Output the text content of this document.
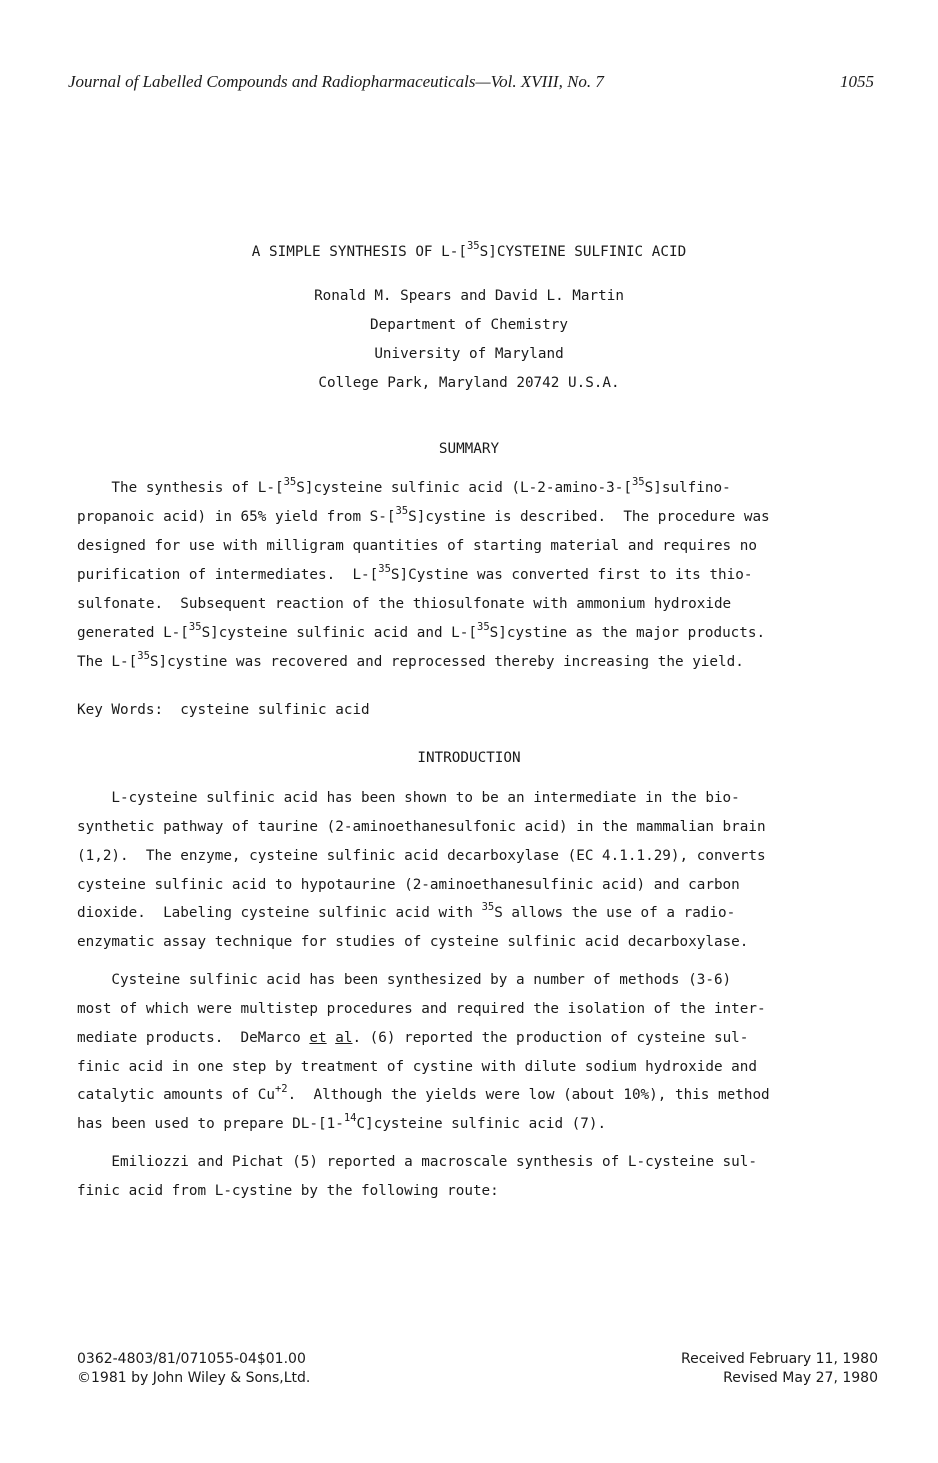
Journal of Labelled Compounds and Radiopharmaceuticals—Vol. XVIII, No. 7	1055
A SIMPLE SYNTHESIS OF L-[$^{35}$S]CYSTEINE SULFINIC ACID
Ronald M. Spears and David L. Martin
Department of Chemistry
University of Maryland
College Park, Maryland 20742 U.S.A.
SUMMARY
The synthesis of L-[$^{35}$S]cysteine sulfinic acid (L-2-amino-3-[$^{35}$S]sulfino-
propanoic acid) in 65% yield from S-[$^{35}$S]cystine is described.  The procedure was
designed for use with milligram quantities of starting material and requires no
purification of intermediates.  L-[$^{35}$S]Cystine was converted first to its thio-
sulfonate.  Subsequent reaction of the thiosulfonate with ammonium hydroxide
generated L-[$^{35}$S]cysteine sulfinic acid and L-[$^{35}$S]cystine as the major products.
The L-[$^{35}$S]cystine was recovered and reprocessed thereby increasing the yield.
Key Words:  cysteine sulfinic acid
INTRODUCTION
L-cysteine sulfinic acid has been shown to be an intermediate in the bio-
synthetic pathway of taurine (2-aminoethanesulfonic acid) in the mammalian brain
(1,2).  The enzyme, cysteine sulfinic acid decarboxylase (EC 4.1.1.29), converts
cysteine sulfinic acid to hypotaurine (2-aminoethanesulfinic acid) and carbon
dioxide.  Labeling cysteine sulfinic acid with $^{35}$S allows the use of a radio-
enzymatic assay technique for studies of cysteine sulfinic acid decarboxylase.
Cysteine sulfinic acid has been synthesized by a number of methods (3-6)
most of which were multistep procedures and required the isolation of the inter-
mediate products.  DeMarco et al. (6) reported the production of cysteine sul-
finic acid in one step by treatment of cystine with dilute sodium hydroxide and
catalytic amounts of $Cu^{+2}$.  Although the yields were low (about 10%), this method
has been used to prepare DL-[1-$^{14}$C]cysteine sulfinic acid (7).
Emiliozzi and Pichat (5) reported a macroscale synthesis of L-cysteine sul-
finic acid from L-cystine by the following route:
0362-4803/81/071055-04$01.00
©1981 by John Wiley & Sons,Ltd.
Received February 11, 1980
Revised May 27, 1980
